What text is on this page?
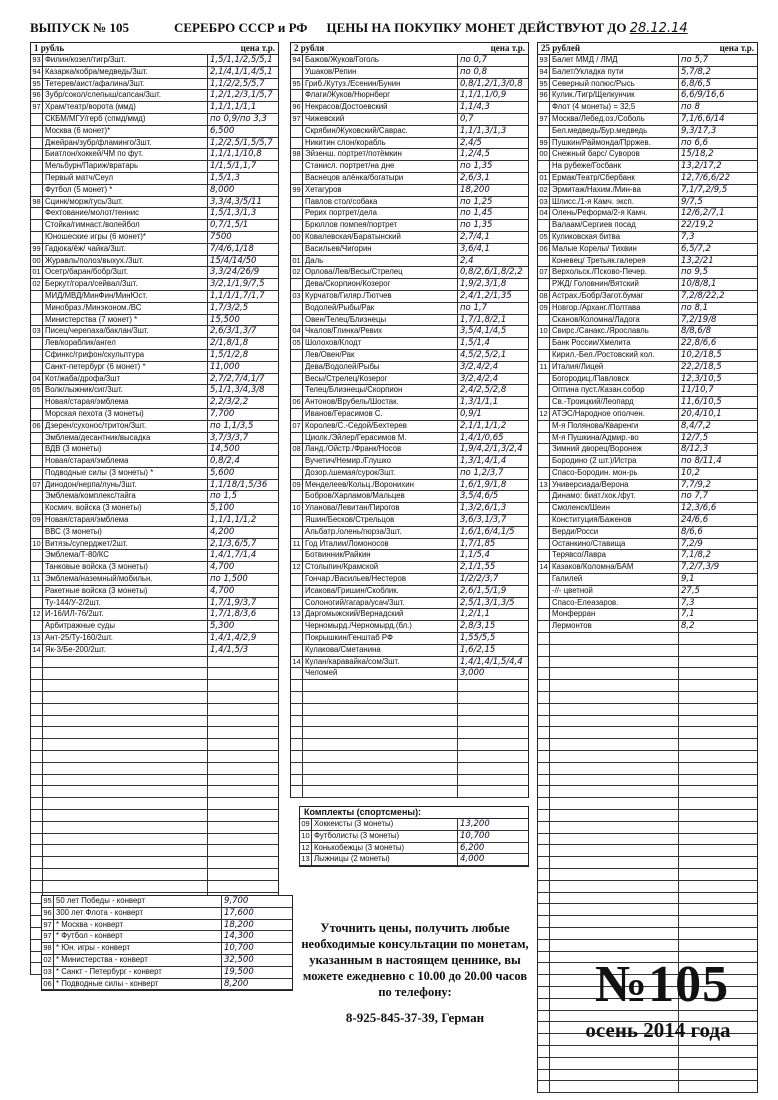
ВЫПУСК № 105	СЕРЕБРО СССР и РФ ЦЕНЫ НА ПОКУПКУ МОНЕТ ДЕЙСТВУЮТ ДО 28.12.14
1 рубль	цена т.р.
93 Филин/козел/тигр/3шт.	1,5/1,1/2,5/5,1
94 Казарка/кобра/медведь/3шт.	2,1/4,1/1,4/5,1
95 Тетерев/аист/афалина/3шт.	1,1/2/2,5/5,7
96 Зубр/сокол/слепыш/сапсан/3шт.	1,2/1,2/3,1/5,7
97 Храм/театр/ворота (ммд)	1,1/1,1/1,1
СКБМ/МГУ/герб (спмд/ммд)	по 0,9/по 3,3
Москва (6 монет)*	6,500
Джейран/зубр/фламинго/3шт.	1,2/2,5/1,5/5,7
Биатлон/хоккей/ЧМ по фут.	1,1/1,1/10,8
Мельбурн/Париж/вратарь	1/1,5/1,1,7
Первый матч/Сеул	1,5/1,3
Футбол (5 монет) *	8,000
98 Сцинк/морж/гусь/3шт.	3,3/4,3/5/11
Фехтование/молот/теннис	1,5/1,3/1,3
Стойка/гимнаст./волейбол	0,7/1,5/1
Юношеские игры (6 монет)*	7500
99 Гадюка/ёж/ чайка/3шт.	7/4/6,1/18
00 Журавль/полоз/выхух./3шт.	15/4/14/50
01 Осетр/баран/бобр/3шт.	3,3/24/26/9
02 Беркут/горал/сейвал/3шт.	3/2,1/1,9/7,5
МИД/МВД/МинФин/МинЮст.	1,1/1/1,7/1,7
Минобраз./Минэконом./ВС	1,7/3/2,5
Министерства (7 монет) *	15,500
03 Писец/черепаха/баклан/3шт.	2,6/3/1,3/7
Лев/кораблик/ангел	2/1,8/1,8
Сфинкс/грифон/скульптура	1,5/1/2,8
Санкт-петербург (6 монет) *	11,000
04 Кот/жаба/дрофа/3шт	2,7/2,7/4,1/7
05 Волк/лыжник/сиг/3шт.	5,1/1,3/4,3/8
Новая/старая/эмблема	2,2/3/2,2
Морская пехота (3 монеты)	7,700
06 Дзерен/сухонос/тритон/3шт.	по 1,1/3,5
Эмблема/десантник/высадка	3,7/3/3,7
ВДВ (3 монеты)	14,500
Новая/старая/эмблема	0,8/2,4
Подводные силы (3 монеты) *	5,600
07 Динодон/нерпа/лунь/3шт.	1,1/18/1,5/36
Эмблема/комплекс/тайга	по 1,5
Космич. войска (3 монеты)	5,100
09 Новая/старая/эмблема	1,1/1,1/1,2
ВВС (3 монеты)	4,200
10 Витязь/суперджет/2шт.	2,1/3,6/5,7
Эмблема/Т-80/КС	1,4/1,7/1,4
Танковые войска (3 монеты)	4,700
11 Эмблема/наземный/мобильн.	по 1,500
Ракетные войска (3 монеты)	4,700
Ту-144/У-2/2шт.	1,7/1,9/3,7
12 И-16/ИЛ-76/2шт.	1,7/1,8/3,6
Арбитражные суды	5,300
13 Ант-25/Ту-160/2шт.	1,4/1,4/2,9
14 Як-3/Бе-200/2шт.	1,4/1,5/3
2 рубля	цена т.р.
94 Бажов/Жуков/Гоголь	по 0,7
Ушаков/Репин	по 0,8
95 Гриб./Кутуз./Есенин/Бунин	0,8/1,2/1,3/0,8
Флаги/Жуков/Нюрнберг	1,1/1,1/0,9
96 Некрасов/Достоевский	1,1/4,3
97 Чижевский	0,7
Скрябин/Жуковский/Саврас.	1,1/1,3/1,3
Никитин слон/корабль	2,4/5
98 Эйзенш. портрет/потёмкин	1,2/4,5
Станисл. портрет/на дне	по 1,35
Васнецов алёнка/богатыри	2,6/3,1
99 Хетагуров	18,200
Павлов стол/собака	по 1,25
Рерих портрет/дела	по 1,45
Брюллов помпея/портрет	по 1,35
00 Ковалевская/Баратынский	2,7/4,1
Васильев/Чигорин	3,6/4,1
01 Даль	2,4
02 Орлова/Лев/Весы/Стрелец	0,8/2,6/1,8/2,2
Дева/Скорпион/Козерог	1,9/2,3/1,8
03 Курчатов/Гиляр./Тютчев	2,4/1,2/1,35
Водолей/Рыбы/Рак	по 1,7
Овен/Телец/Близнецы	1,7/1,8/2,1
04 Чкалов/Глинка/Ревих	3,5/4,1/4,5
05 Шолохов/Клодт	1,5/1,4
Лев/Овен/Рак	4,5/2,5/2,1
Дева/Водолей/Рыбы	3/2,4/2,4
Весы/Стрелец/Козерог	3/2,4/2,4
Телец/Близнецы/Скорпион	2,4/2,5/2,8
06 Антонов/Врубель/Шостак.	1,3/1/1,1
Иванов/Герасимов С.	0,9/1
07 Королев/С.-Седой/Бехтерев	2,1/1,1/1,2
Циолк./Эйлер/Герасимов М.	1,4/1/0,65
08 Ланд./Ойстр./Франк/Носов	1,9/4,2/1,3/2,4
Вучетич/Немир./Глушко	1,3/1,4/1,4
Дозор./шемая/сурок/3шт.	по 1,2/3,7
09 Менделеев/Кольц./Воронихин	1,6/1,9/1,8
Бобров/Харламов/Мальцев	3,5/4,6/5
10 Уланова/Левитан/Пирогов	1,3/2,6/1,3
Яшин/Бесков/Стрельцов	3,6/3,1/3,7
Альбатр./олень/гюрза/3шт.	1,6/1,6/4,1/5
11 Год Италии/Ломоносов	1,7/1,85
Ботвинник/Райкин	1,1/5,4
12 Столыпин/Крамской	2,1/1,55
Гончар./Васильев/Нестеров	1/2/2/3,7
Исакова/Гришин/Скоблик.	2,6/1,5/1,9
Солоногий/гагара/усач/3шт.	2,5/1,3/1,3/5
13 Даргомыжский/Вернадский	1,2/1,1
Черномырд./Черномырд.(бл.)	2,8/3,15
Покрышкин/Генштаб РФ	1,55/5,5
Кулакова/Сметанина	1,6/2,15
14 Кулан/каравайка/сом/3шт.	1,4/1,4/1,5/4,4
Челомей	3,000
25 рублей	цена т.р.
93 Балет ММД / ЛМД	по 5,7
94 Балет/Укладка пути	5,7/8,2
95 Северный полюс/Рысь	6,8/6,5
96 Кулик./Тигр/Щелкунчик	6,6/9/16,6
Флот (4 монеты) = 32,5	по 8
97 Москва/Лебед.оз./Соболь	7,1/6,6/14
Бел.медведь/Бур.медведь	9,3/17,3
99 Пушкин/Раймонда/Прржев.	по 6,6
00 Снежный барс/ Суворов	15/18,2
На рубеже/Госбанк	13,2/17,2
01 Ермак/Театр/Сбербанк	12,7/6,6/22
02 Эрмитаж/Нахим./Мин-ва	7,1/7,2/9,5
03 Шлисс./1-я Камч. эксп.	9/7,5
04 Олень/Реформа/2-я Камч.	12/6,2/7,1
Валаам/Сергиев посад	22/19,2
05 Куликовская битва	7,3
06 Малые Корелы/ Тихвин	6,5/7,2
Коневец/ Третьяк.галерея	13,2/21
07 Верхольск./Псково-Печер.	по 9,5
РЖД/ Головнин/Вятский	10/8/8,1
08 Астрах./Бобр/Загот.бумаг	7,2/8/22,2
09 Новгор./Арханг./Полтава	по 8,1
Сканов/Коломна/Ладога	7,2/19/8
10 Свирс./Санакс./Ярославль	8/8,6/8
Банк России/Хмелита	22,8/6,6
Кирил.-Бел./Ростовский кол.	10,2/18,5
11 Италия/Лицей	22,2/18,5
Богородиц./Павловск	12,3/10,5
Оптина пуст./Казан.собор	11/10,7
Св.-Троицкий/Леопард	11,6/10,5
12 АТЭС/Народное ополчен.	20,4/10,1
М-я Полянова/Кваренги	8,4/7,2
М-я Пушкина/Адмир.-во	12/7,5
Зимний дворец/Воронеж	8/12,3
Бородино (2 шт.)/Истра	по 8/11,4
Спасо-Бородин. мон-рь	10,2
13 Универсиада/Верона	7,7/9,2
Динамо: биат./хок./фут.	по 7,7
Смоленск/Шеин	12,3/6,6
Конституция/Баженов	24/6,6
Верди/Росси	8/6,6
Останкино/Ставища	7,2/9
Терявсо/Лавра	7,1/8,2
14 Казаков/Коломна/БАМ	7,2/7,3/9
Галилей	9,1
-//- цветной	27,5
Спасо-Елеазаров.	7,3
Монферран	7,1
Лермонтов	8,2
Комплекты (спортсмены):
09 Хоккеисты (3 монеты)	13,200
10 Футболисты (3 монеты)	10,700
12 Конькобежцы (3 монеты)	6,200
13 Лыжницы (2 монеты)	4,000
95 50 лет Победы - конверт	9,700
96 300 лет Флота - конверт	17,600
97 * Москва - конверт	18,200
97 * Футбол - конверт	14,300
98 * Юн. игры - конверт	10,700
02 * Министерства - конверт	32,500
03 * Санкт - Петербург - конверт	19,500
06 * Подводные силы - конверт	8,200
Уточнить цены, получить любые необходимые консультации по монетам, указанным в настоящем ценнике, вы можете ежедневно с 10.00 до 20.00 часов по телефону:
8-925-845-37-39, Герман
№105
осень 2014 года
